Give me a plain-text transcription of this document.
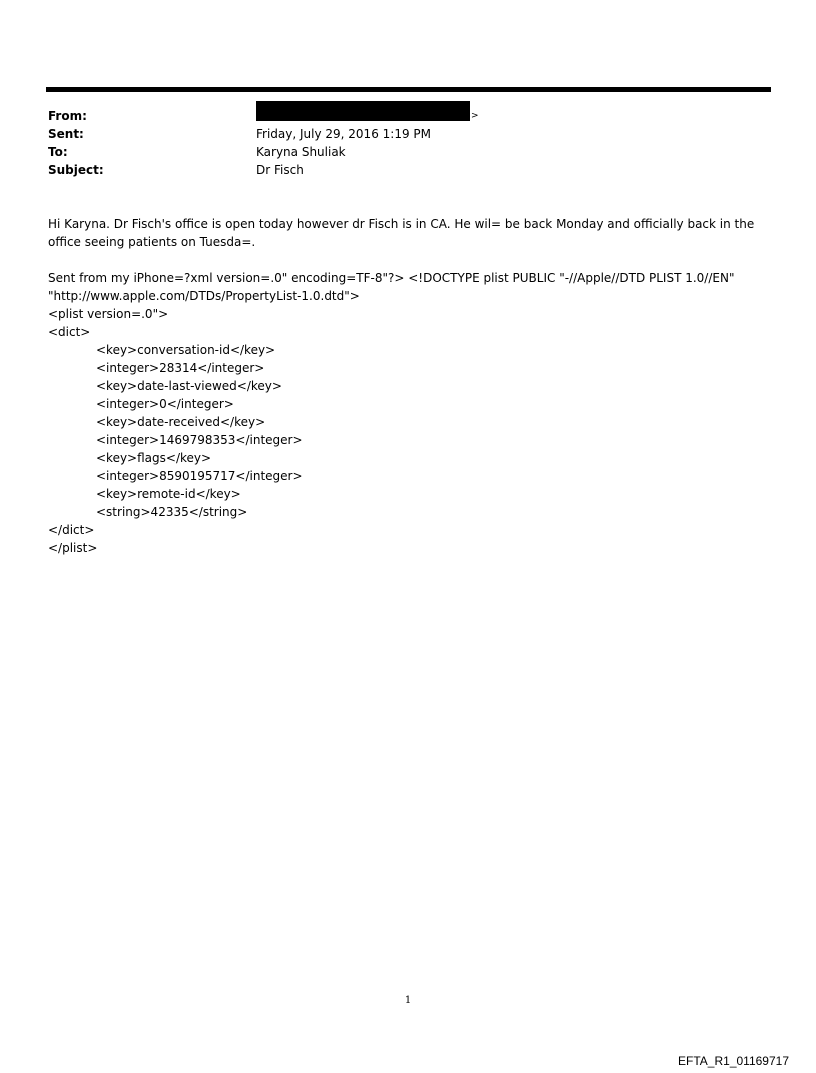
From:	>
Sent:	Friday, July 29, 2016 1:19 PM
To:	Karyna Shuliak
Subject:	Dr Fisch
Hi Karyna. Dr Fisch's office is open today however dr Fisch is in CA. He wil= be back Monday and officially back in the
office seeing patients on Tuesda=.
Sent from my iPhone=?xml version=.0" encoding=TF-8"?> <!DOCTYPE plist PUBLIC "-//Apple//DTD PLIST 1.0//EN"
"http://www.apple.com/DTDs/PropertyList-1.0.dtd">
<plist version=.0">
<dict>
<key>conversation-id</key>
<integer>28314</integer>
<key>date-last-viewed</key>
<integer>0</integer>
<key>date-received</key>
<integer>1469798353</integer>
<key>flags</key>
<integer>8590195717</integer>
<key>remote-id</key>
<string>42335</string>
</dict>
</plist>
1
EFTA_R1_01169717
